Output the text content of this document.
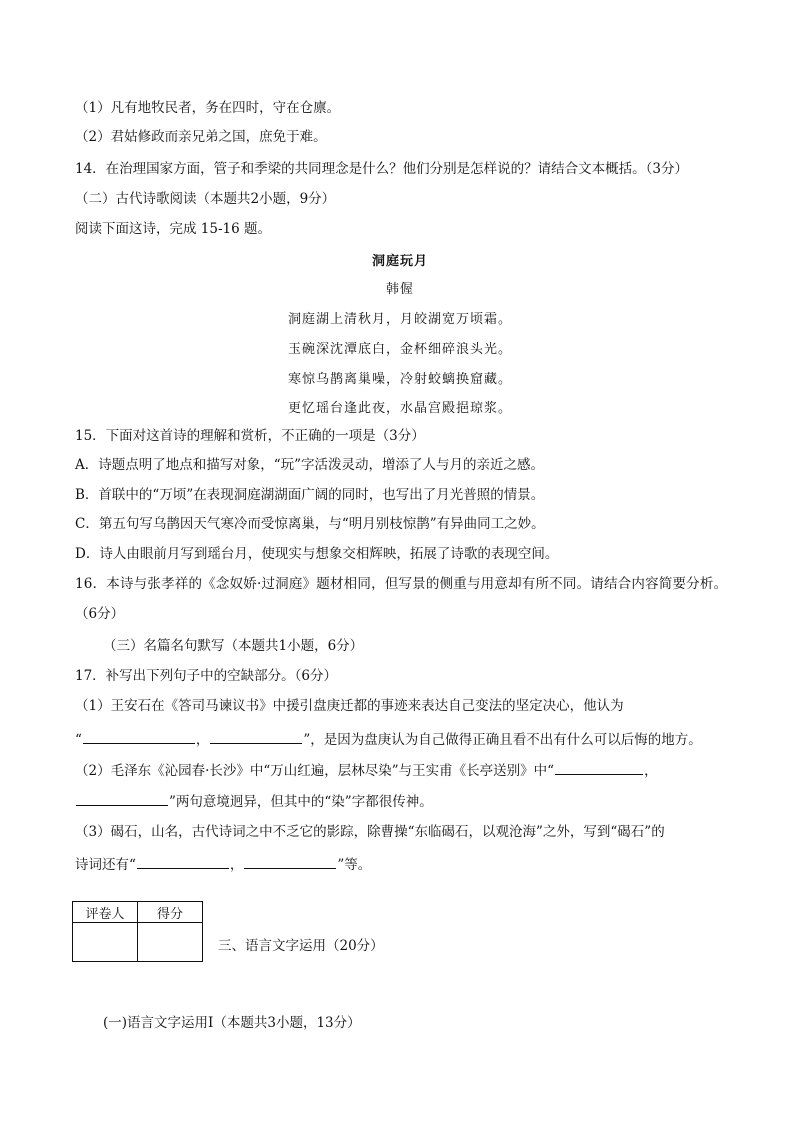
（1）凡有地牧民者，务在四时，守在仓廪。
（2）君姑修政而亲兄弟之国，庶免于难。
14．在治理国家方面，管子和季梁的共同理念是什么？他们分别是怎样说的？请结合文本概括。（3分）
（二）古代诗歌阅读（本题共2小题，9分）
阅读下面这诗，完成 15-16 题。
洞庭玩月
韩偓
洞庭湖上清秋月，月皎湖宽万顷霜。
玉碗深沈潭底白，金杯细碎浪头光。
寒惊乌鹊离巢噪，冷射蛟螭换窟藏。
更忆瑶台逢此夜，水晶宫殿挹琼浆。
15．下面对这首诗的理解和赏析，不正确的一项是（3分）
A．诗题点明了地点和描写对象，“玩”字活泼灵动，增添了人与月的亲近之感。
B．首联中的“万顷”在表现洞庭湖湖面广阔的同时，也写出了月光普照的情景。
C．第五句写乌鹊因天气寒冷而受惊离巢，与“明月别枝惊鹊”有异曲同工之妙。
D．诗人由眼前月写到瑶台月，使现实与想象交相辉映，拓展了诗歌的表现空间。
16．本诗与张孝祥的《念奴娇·过洞庭》题材相同，但写景的侧重与用意却有所不同。请结合内容简要分析。
（6分）
（三）名篇名句默写（本题共1小题，6分）
17．补写出下列句子中的空缺部分。（6分）
（1）王安石在《答司马谏议书》中援引盘庚迁都的事迹来表达自己变法的坚定决心，他认为
“	，	”，是因为盘庚认为自己做得正确且看不出有什么可以后悔的地方。
（2）毛泽东《沁园春·长沙》中“万山红遍，层林尽染”与王实甫《长亭送别》中“	，
”两句意境迥异，但其中的“染”字都很传神。
（3）碣石，山名，古代诗词之中不乏它的影踪，除曹操“东临碣石，以观沧海”之外，写到“碣石”的
诗词还有“	，	”等。
评卷人	得分

三、语言文字运用（20分）
(一)语言文字运用Ⅰ（本题共3小题，13分）
